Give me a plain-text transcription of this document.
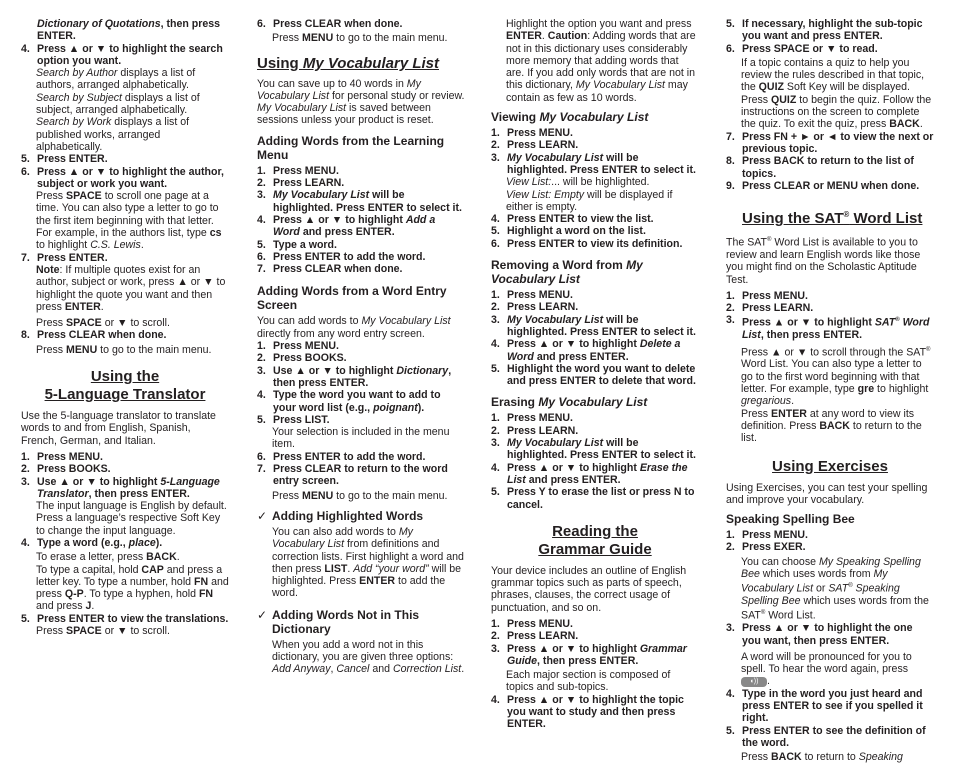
Dictionary of Quotations, then press ENTER.

4. Press ▲ or ▼ to highlight the search option you want.

Search by Author displays a list of authors, arranged alphabetically.

Search by Subject displays a list of subject, arranged alphabetically.

Search by Work displays a list of published works, arranged alphabetically.

5. Press ENTER.
6. Press ▲ or ▼ to highlight the author, subject or work you want.

Press SPACE to scroll one page at a time. You can also type a letter to go to the first item beginning with that letter. For example, in the authors list, type cs to highlight C.S. Lewis.

7. Press ENTER.

Note: If multiple quotes exist for an author, subject or work, press ▲ or ▼ to highlight the quote you want and then press ENTER.

Press SPACE or ▼ to scroll.

8. Press CLEAR when done.

Press MENU to go to the main menu.

Using the
5-Language Translator

Use the 5-language translator to translate words to and from English, Spanish, French, German, and Italian.

1. Press MENU.
2. Press BOOKS.
3. Use ▲ or ▼ to highlight 5-Language Translator, then press ENTER.

The input language is English by default. Press a language’s respective Soft Key to change the input language.

4. Type a word (e.g., place).

To erase a letter, press BACK.

To type a capital, hold CAP and press a letter key. To type a number, hold FN and press Q-P. To type a hyphen, hold FN and press J.

5. Press ENTER to view the translations.

Press SPACE or ▼ to scroll.

6. Press CLEAR when done.

Press MENU to go to the main menu.

Using My Vocabulary List

You can save up to 40 words in My Vocabulary List for personal study or review. My Vocabulary List is saved between sessions unless your product is reset.

Adding Words from the Learning Menu
1. Press MENU.
2. Press LEARN.
3. My Vocabulary List will be highlighted. Press ENTER to select it.
4. Press ▲ or ▼ to highlight Add a Word and press ENTER.
5. Type a word.
6. Press ENTER to add the word.
7. Press CLEAR when done.
Adding Words from a Word Entry Screen

You can add words to My Vocabulary List directly from any word entry screen.

1. Press MENU.
2. Press BOOKS.
3. Use ▲ or ▼ to highlight Dictionary, then press ENTER.
4. Type the word you want to add to your word list (e.g., poignant).
5. Press LIST.

Your selection is included in the menu item.

6. Press ENTER to add the word.
7. Press CLEAR to return to the word entry screen.

Press MENU to go to the main menu.

✓ Adding Highlighted Words

You can also add words to My Vocabulary List from definitions and correction lists. First highlight a word and then press LIST. Add “your word” will be highlighted. Press ENTER to add the word.

✓ Adding Words Not in This Dictionary

When you add a word not in this dictionary, you are given three options: Add Anyway, Cancel and Correction List.

Highlight the option you want and press ENTER. Caution: Adding words that are not in this dictionary uses considerably more memory that adding words that are. If you add only words that are not in this dictionary, My Vocabulary List may contain as few as 10 words.

Viewing My Vocabulary List
1. Press MENU.
2. Press LEARN.
3. My Vocabulary List will be highlighted. Press ENTER to select it.

View List:... will be highlighted.

View List: Empty will be displayed if either is empty.

4. Press ENTER to view the list.
5. Highlight a word on the list.
6. Press ENTER to view its definition.
Removing a Word from My Vocabulary List
1. Press MENU.
2. Press LEARN.
3. My Vocabulary List will be highlighted. Press ENTER to select it.
4. Press ▲ or ▼ to highlight Delete a Word and press ENTER.
5. Highlight the word you want to delete and press ENTER to delete that word.
Erasing My Vocabulary List
1. Press MENU.
2. Press LEARN.
3. My Vocabulary List will be highlighted. Press ENTER to select it.
4. Press ▲ or ▼ to highlight Erase the List and press ENTER.
5. Press Y to erase the list or press N to cancel.
Reading the
Grammar Guide

Your device includes an outline of English grammar topics such as parts of speech, phrases, clauses, the correct usage of punctuation, and so on.

1. Press MENU.
2. Press LEARN.
3. Press ▲ or ▼ to highlight Grammar Guide, then press ENTER.

Each major section is composed of topics and sub-topics.

4. Press ▲ or ▼ to highlight the topic you want to study and then press ENTER.
5. If necessary, highlight the sub-topic you want and press ENTER.
6. Press SPACE or ▼ to read.

If a topic contains a quiz to help you review the rules described in that topic, the QUIZ Soft Key will be displayed. Press QUIZ to begin the quiz. Follow the instructions on the screen to complete the quiz. To exit the quiz, press BACK.

7. Press FN + ► or ◄ to view the next or previous topic.
8. Press BACK to return to the list of topics.
9. Press CLEAR or MENU when done.
Using the SAT® Word List

The SAT® Word List is available to you to review and learn English words like those you might find on the Scholastic Aptitude Test.

1. Press MENU.
2. Press LEARN.
3. Press ▲ or ▼ to highlight SAT® Word List, then press ENTER.

Press ▲ or ▼ to scroll through the SAT® Word List. You can also type a letter to go to the first word beginning with that letter. For example, type gre to highlight gregarious.

Press ENTER at any word to view its definition. Press BACK to return to the list.

Using Exercises

Using Exercises, you can test your spelling and improve your vocabulary.

Speaking Spelling Bee
1. Press MENU.
2. Press EXER.

You can choose My Speaking Spelling Bee which uses words from My Vocabulary List or SAT® Speaking Spelling Bee which uses words from the SAT® Word List.

3. Press ▲ or ▼ to highlight the one you want, then press ENTER.

A word will be pronounced for you to spell. To hear the word again, press
◖)) .

4. Type in the word you just heard and press ENTER to see if you spelled it right.
5. Press ENTER to see the definition of the word.

Press BACK to return to Speaking
